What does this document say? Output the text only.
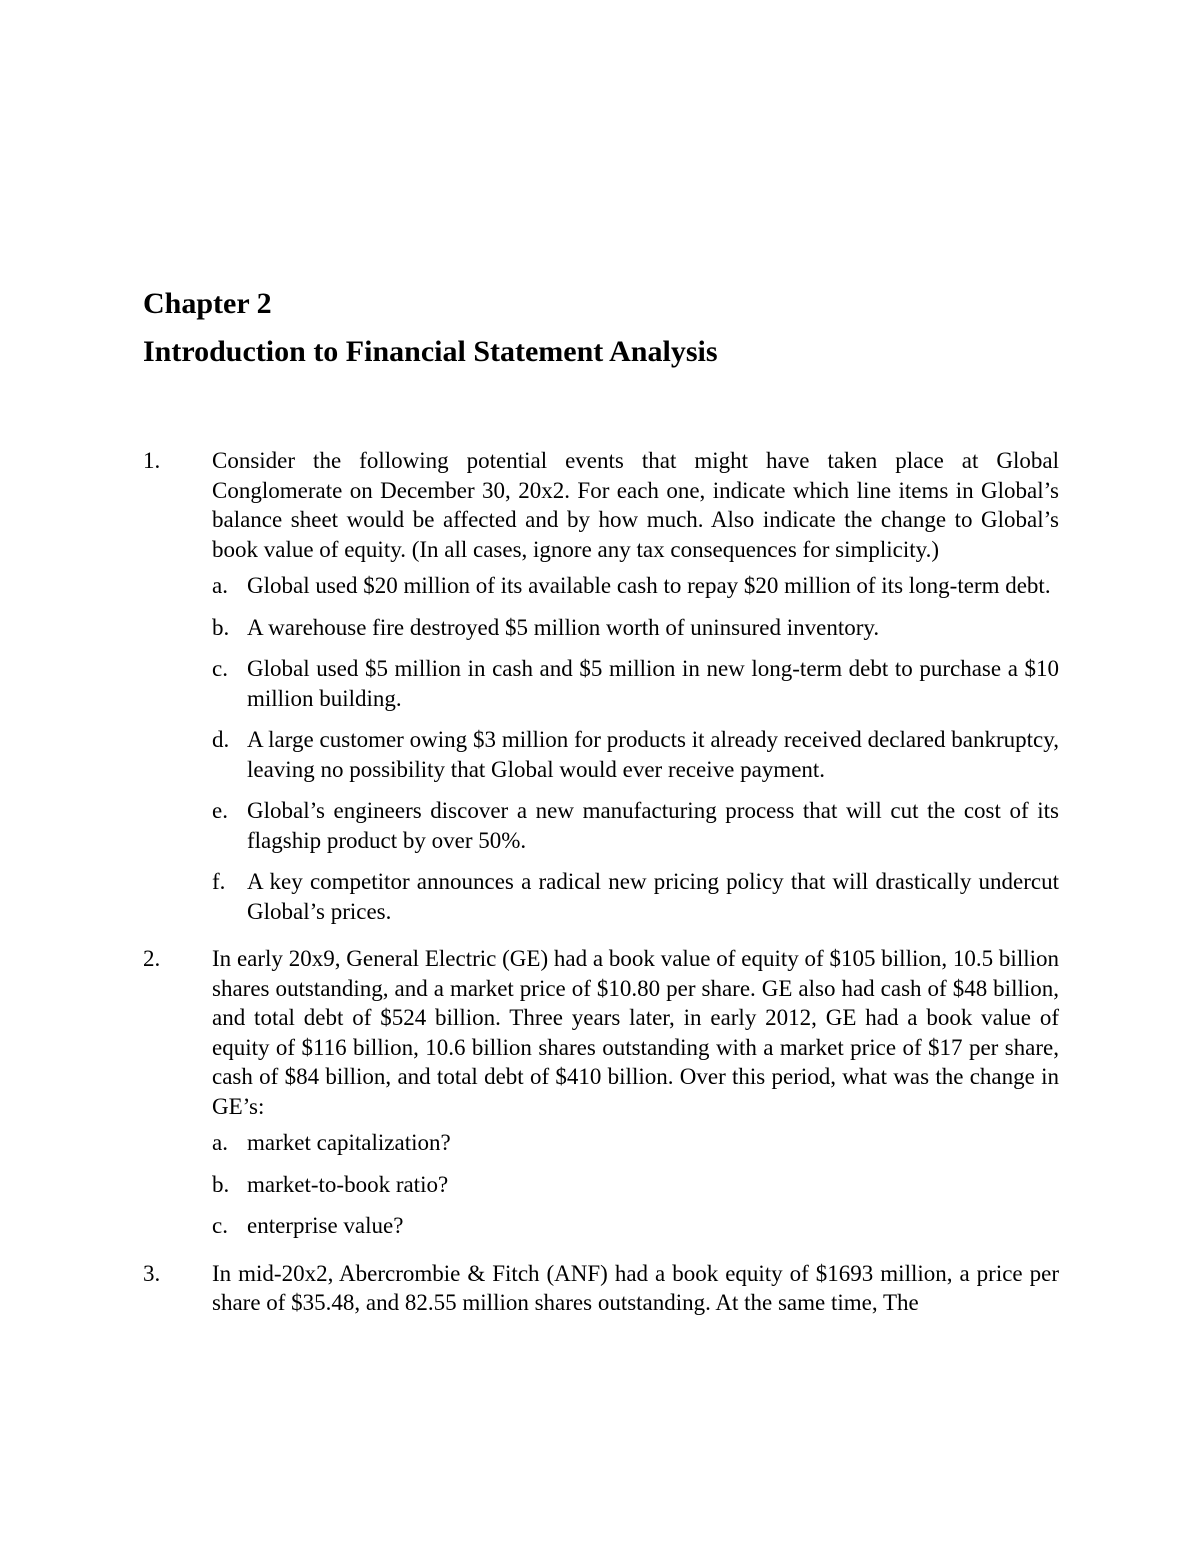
Chapter 2
Introduction to Financial Statement Analysis
1. Consider the following potential events that might have taken place at Global Conglomerate on December 30, 20x2. For each one, indicate which line items in Global’s balance sheet would be affected and by how much. Also indicate the change to Global’s book value of equity. (In all cases, ignore any tax consequences for simplicity.)
a. Global used $20 million of its available cash to repay $20 million of its long-term debt.
b. A warehouse fire destroyed $5 million worth of uninsured inventory.
c. Global used $5 million in cash and $5 million in new long-term debt to purchase a $10 million building.
d. A large customer owing $3 million for products it already received declared bankruptcy, leaving no possibility that Global would ever receive payment.
e. Global’s engineers discover a new manufacturing process that will cut the cost of its flagship product by over 50%.
f. A key competitor announces a radical new pricing policy that will drastically undercut Global’s prices.
2. In early 20x9, General Electric (GE) had a book value of equity of $105 billion, 10.5 billion shares outstanding, and a market price of $10.80 per share. GE also had cash of $48 billion, and total debt of $524 billion. Three years later, in early 2012, GE had a book value of equity of $116 billion, 10.6 billion shares outstanding with a market price of $17 per share, cash of $84 billion, and total debt of $410 billion. Over this period, what was the change in GE’s:
a. market capitalization?
b. market-to-book ratio?
c. enterprise value?
3. In mid-20x2, Abercrombie & Fitch (ANF) had a book equity of $1693 million, a price per share of $35.48, and 82.55 million shares outstanding. At the same time, The
